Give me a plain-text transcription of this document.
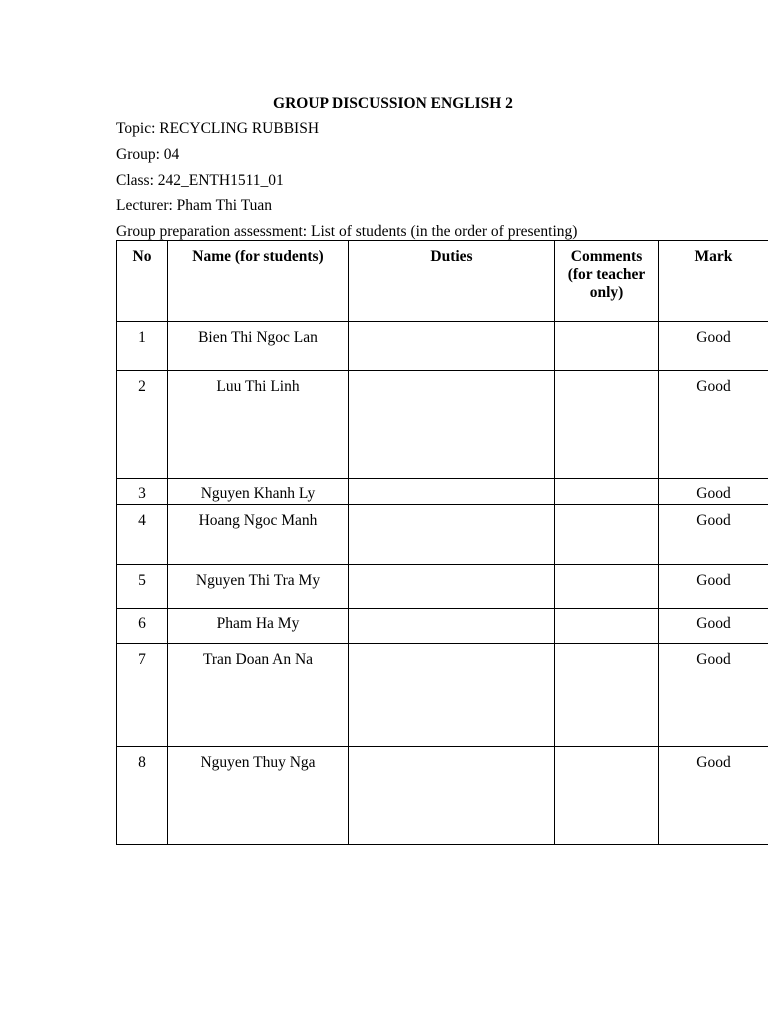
GROUP DISCUSSION ENGLISH 2
Topic: RECYCLING RUBBISH
Group: 04
Class: 242_ENTH1511_01
Lecturer: Pham Thi Tuan
Group preparation assessment: List of students (in the order of presenting)
No	Name (for students)	Duties	Comments (for teacher only)	Mark
1	Bien Thi Ngoc Lan			Good
2	Luu Thi Linh			Good
3	Nguyen Khanh Ly			Good
4	Hoang Ngoc Manh			Good
5	Nguyen Thi Tra My			Good
6	Pham Ha My			Good
7	Tran Doan An Na			Good
8	Nguyen Thuy Nga			Good
